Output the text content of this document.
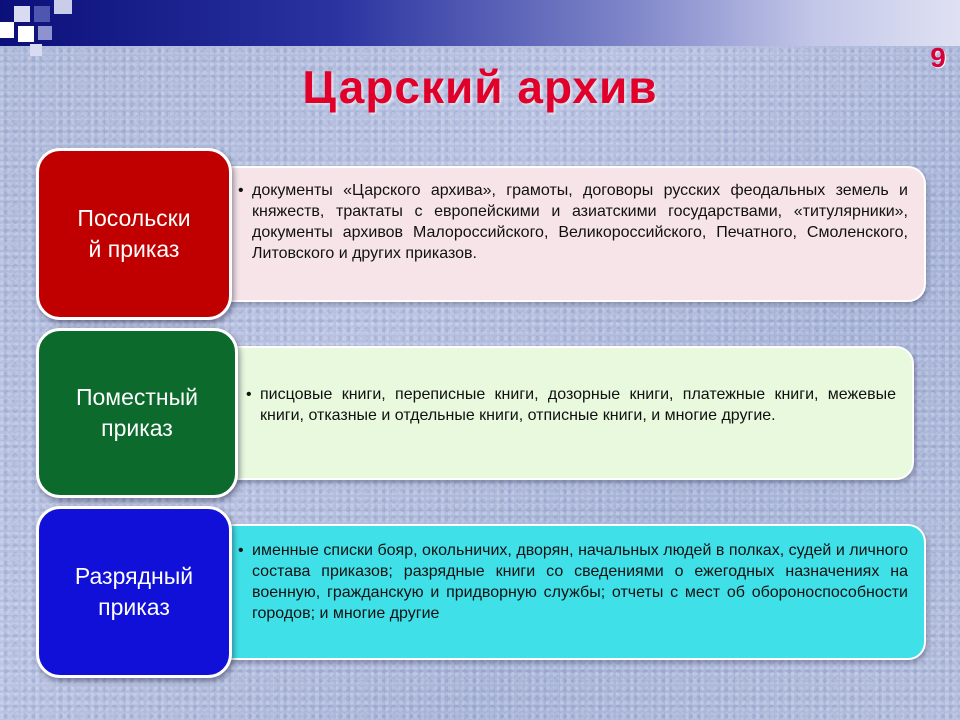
9
Царский архив
• документы «Царского архива», грамоты, договоры русских феодальных земель и княжеств, трактаты с европейскими и азиатскими государствами, «титулярники», документы архивов Малороссийского, Великороссийского, Печатного, Смоленского, Литовского и других приказов.

Посольски
й приказ
• писцовые книги, переписные книги, дозорные книги, платежные книги, межевые книги, отказные и отдельные книги, отписные книги, и многие другие.

Поместный
приказ
• именные списки бояр, окольничих, дворян, начальных людей в полках, судей и личного состава приказов; разрядные книги со сведениями о ежегодных назначениях на военную, гражданскую и придворную службы; отчеты с мест об обороноспособности городов; и многие другие

Разрядный
приказ
